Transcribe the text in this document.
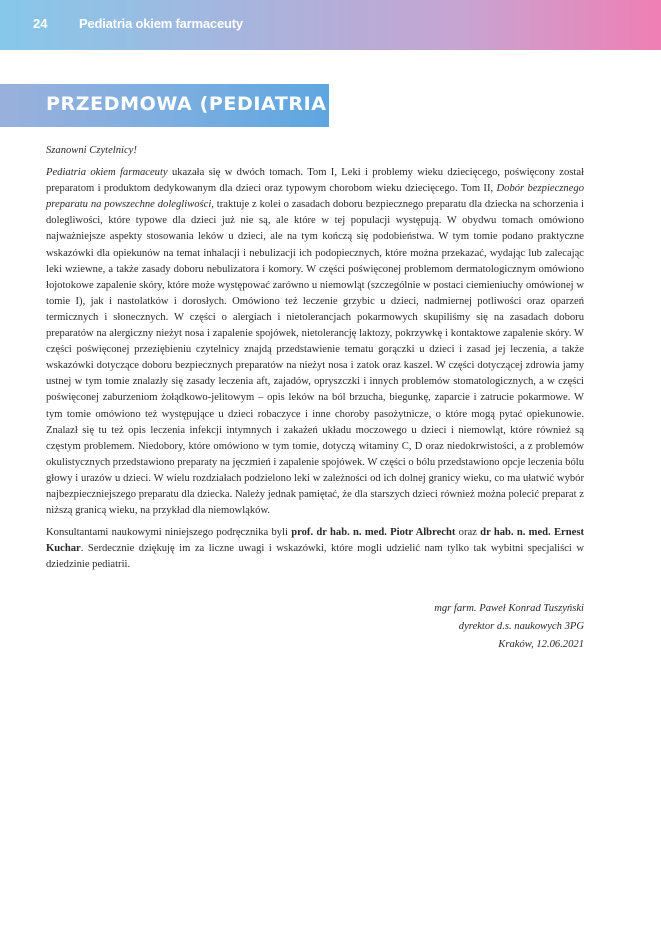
24 Pediatria okiem farmaceuty
PRZEDMOWA (PEDIATRIA II)

Szanowni Czytelnicy!

Pediatria okiem farmaceuty ukazała się w dwóch tomach. Tom I, Leki i problemy wieku dziecięcego, poświęcony został preparatom i produktom dedykowanym dla dzieci oraz typowym chorobom wieku dziecięcego. Tom II, Dobór bezpiecznego preparatu na powszechne dolegliwości, traktuje z kolei o zasadach doboru bezpiecznego preparatu dla dziecka na schorzenia i dolegliwości, które typowe dla dzieci już nie są, ale które w tej populacji występują. W obydwu tomach omówiono najważniejsze aspekty stosowania leków u dzieci, ale na tym kończą się podobieństwa. W tym tomie podano praktyczne wskazówki dla opiekunów na temat inhalacji i nebulizacji ich podopiecznych, które można przekazać, wydając lub zalecając leki wziewne, a także zasady doboru nebulizatora i komory. W części poświęconej problemom dermatologicznym omówiono łojotokowe zapalenie skóry, które może występować zarówno u niemowląt (szczególnie w postaci ciemieniuchy omówionej w tomie I), jak i nastolatków i dorosłych. Omówiono też leczenie grzybic u dzieci, nadmiernej potliwości oraz oparzeń termicznych i słonecznych. W części o alergiach i nietolerancjach pokarmowych skupiliśmy się na zasadach doboru preparatów na alergiczny nieżyt nosa i zapalenie spojówek, nietolerancję laktozy, pokrzywkę i kontaktowe zapalenie skóry. W części poświęconej przeziębieniu czytelnicy znajdą przedstawienie tematu gorączki u dzieci i zasad jej leczenia, a także wskazówki dotyczące doboru bezpiecznych preparatów na nieżyt nosa i zatok oraz kaszel. W części dotyczącej zdrowia jamy ustnej w tym tomie znalazły się zasady leczenia aft, zajadów, opryszczki i innych problemów stomatologicznych, a w części poświęconej zaburzeniom żołądkowo-jelitowym – opis leków na ból brzucha, biegunkę, zaparcie i zatrucie pokarmowe. W tym tomie omówiono też występujące u dzieci robaczyce i inne choroby pasożytnicze, o które mogą pytać opiekunowie. Znalazł się tu też opis leczenia infekcji intymnych i zakażeń układu moczowego u dzieci i niemowląt, które również są częstym problemem. Niedobory, które omówiono w tym tomie, dotyczą witaminy C, D oraz niedokrwistości, a z problemów okulistycznych przedstawiono preparaty na jęczmień i zapalenie spojówek. W części o bólu przedstawiono opcje leczenia bólu głowy i urazów u dzieci. W wielu rozdziałach podzielono leki w zależności od ich dolnej granicy wieku, co ma ułatwić wybór najbezpieczniejszego preparatu dla dziecka. Należy jednak pamiętać, że dla starszych dzieci również można polecić preparat z niższą granicą wieku, na przykład dla niemowląków.

Konsultantami naukowymi niniejszego podręcznika byli prof. dr hab. n. med. Piotr Albrecht oraz dr hab. n. med. Ernest Kuchar. Serdecznie dziękuję im za liczne uwagi i wskazówki, które mogli udzielić nam tylko tak wybitni specjaliści w dziedzinie pediatrii.

mgr farm. Paweł Konrad Tuszyński
dyrektor d.s. naukowych 3PG
Kraków, 12.06.2021
